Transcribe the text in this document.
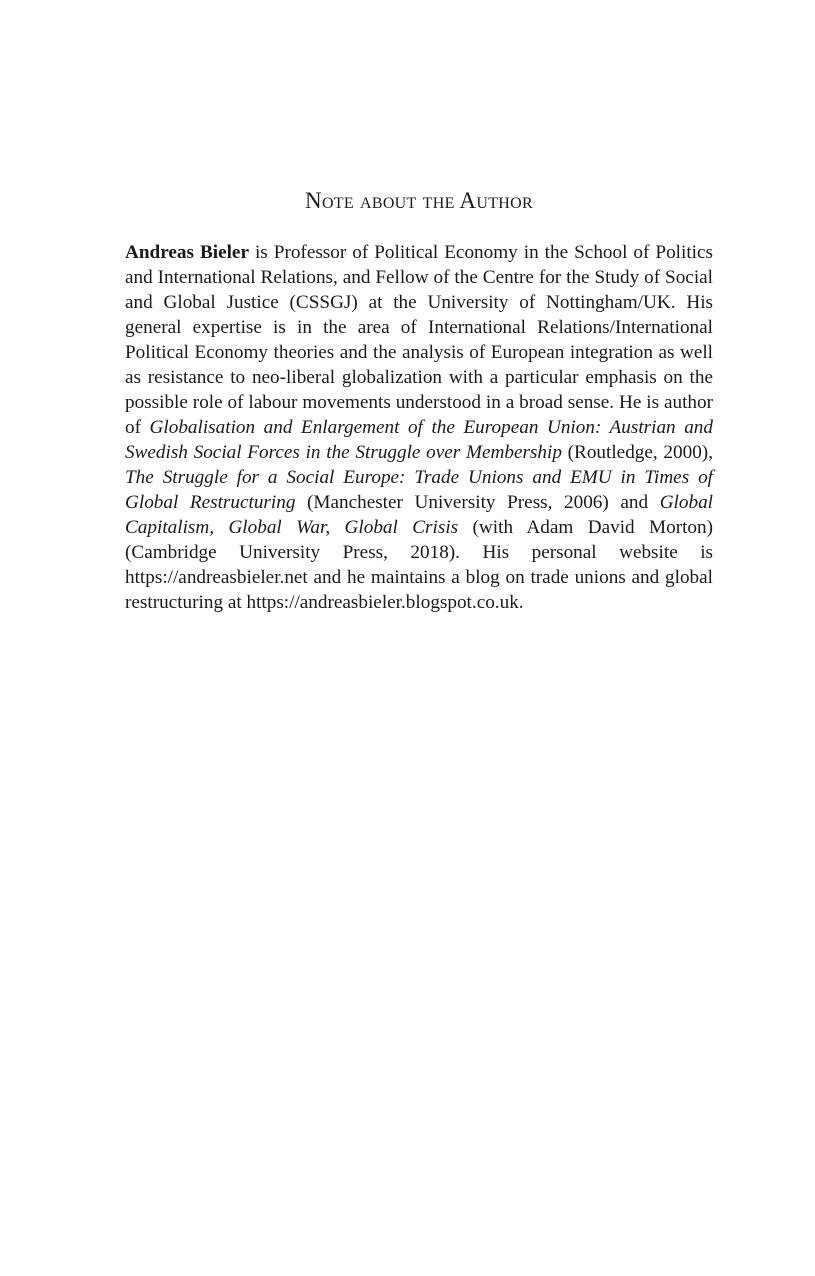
Note about the Author

Andreas Bieler is Professor of Political Economy in the School of Politics and International Relations, and Fellow of the Centre for the Study of Social and Global Justice (CSSGJ) at the University of Nottingham/UK. His general expertise is in the area of International Relations/International Political Economy theories and the analysis of European integration as well as resistance to neo-liberal globalization with a particular emphasis on the possible role of labour movements understood in a broad sense. He is author of Globalisation and Enlargement of the European Union: Austrian and Swedish Social Forces in the Struggle over Membership (Routledge, 2000), The Struggle for a Social Europe: Trade Unions and EMU in Times of Global Restructuring (Manchester University Press, 2006) and Global Capitalism, Global War, Global Crisis (with Adam David Morton) (Cambridge University Press, 2018). His personal website is https://andreasbieler.net and he maintains a blog on trade unions and global restructuring at https://andreasbieler.blogspot.co.uk.
